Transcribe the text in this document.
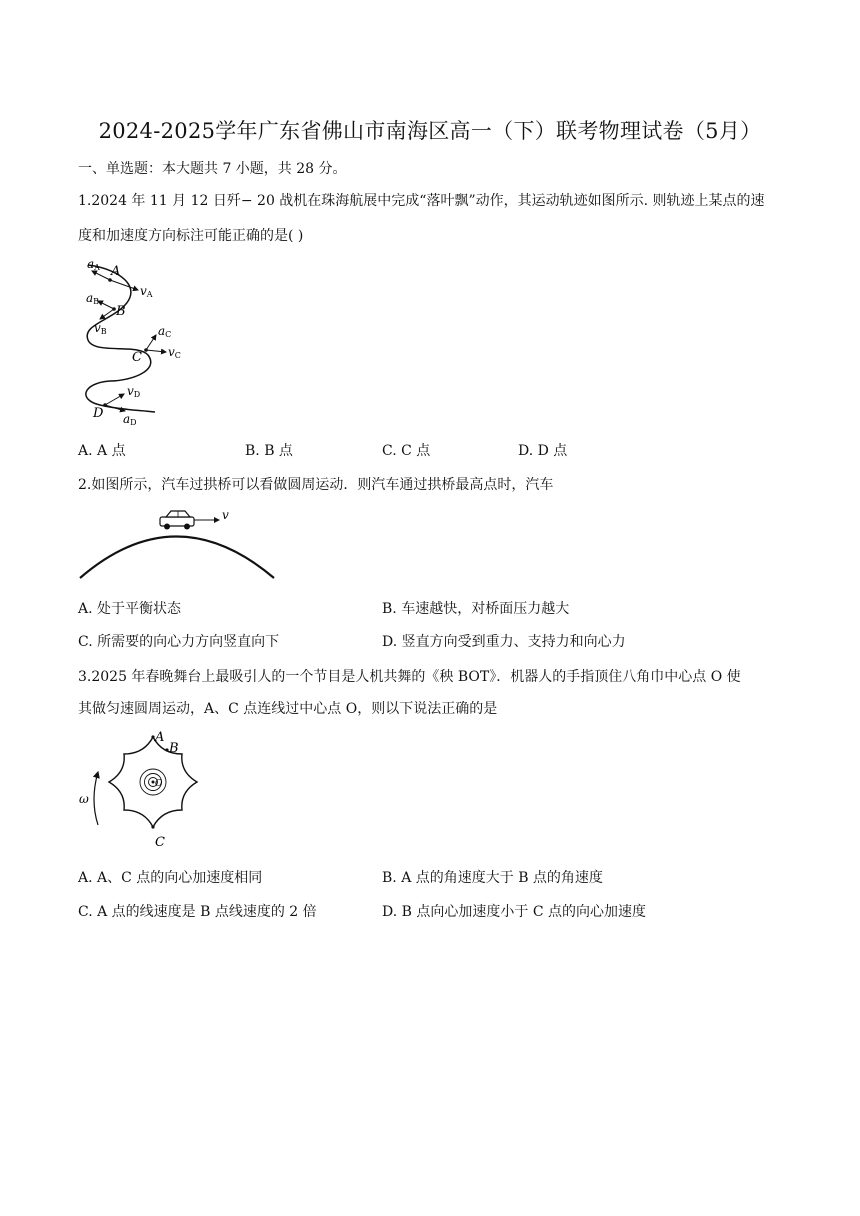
2024-2025学年广东省佛山市南海区高一（下）联考物理试卷（5月）
一、单选题：本大题共 7 小题，共 28 分。
1.2024 年 11 月 12 日歼− 20 战机在珠海航展中完成“落叶飘”动作，其运动轨迹如图所示. 则轨迹上某点的速
度和加速度方向标注可能正确的是( )
aA A
vA
aB
B
vB	aC
C vC
vD
D aD
A. A 点	B. B 点	C. C 点	D. D 点
2.如图所示，汽车过拱桥可以看做圆周运动．则汽车通过拱桥最高点时，汽车
v
A. 处于平衡状态	B. 车速越快，对桥面压力越大
C. 所需要的向心力方向竖直向下	D. 竖直方向受到重力、支持力和向心力
3.2025 年春晚舞台上最吸引人的一个节目是人机共舞的《秧 BOT》．机器人的手指顶住八角巾中心点 O 使
其做匀速圆周运动，A、C 点连线过中心点 O，则以下说法正确的是
ω
O
A
B
C
A. A、C 点的向心加速度相同	B. A 点的角速度大于 B 点的角速度
C. A 点的线速度是 B 点线速度的 2 倍	D. B 点向心加速度小于 C 点的向心加速度
